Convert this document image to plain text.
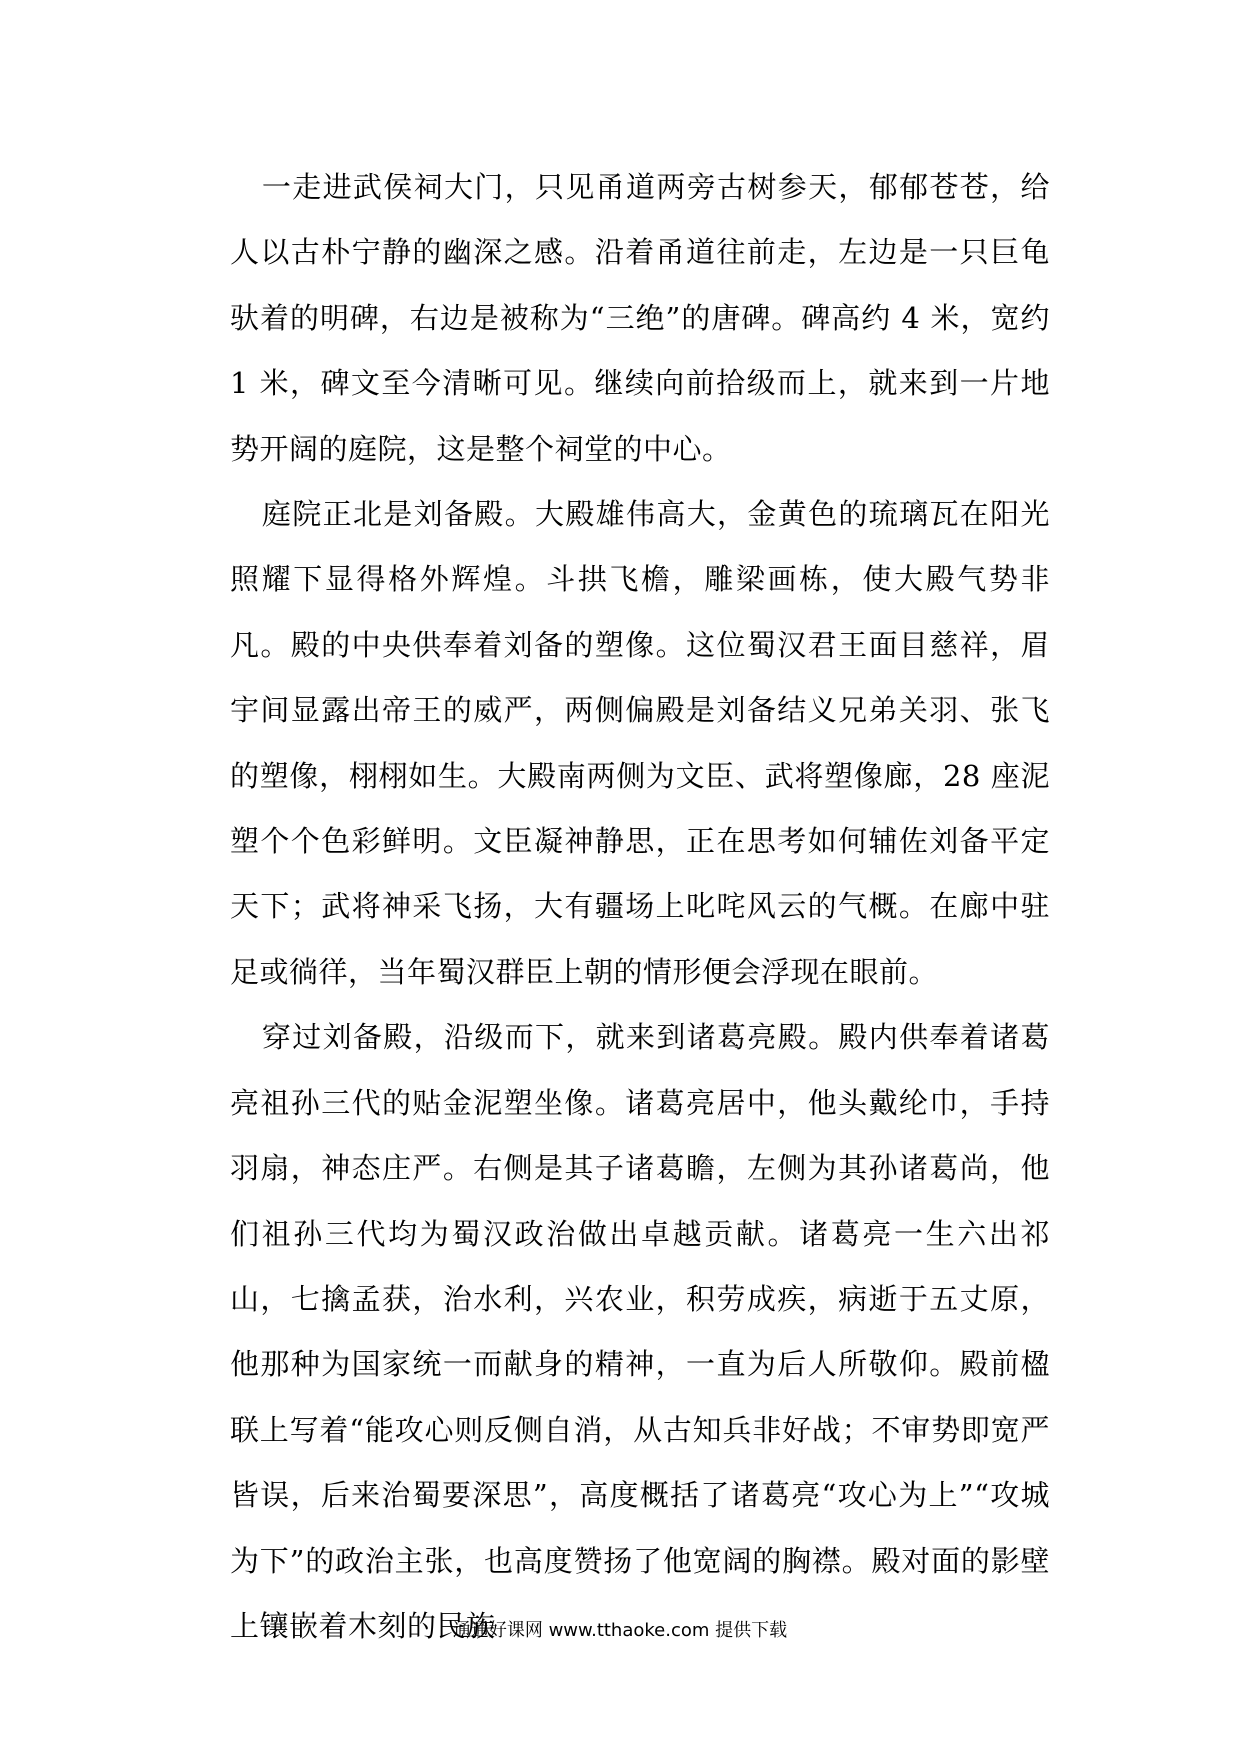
一走进武侯祠大门，只见甬道两旁古树参天，郁郁苍苍，给人以古朴宁静的幽深之感。沿着甬道往前走，左边是一只巨龟驮着的明碑，右边是被称为“三绝”的唐碑。碑高约 4 米，宽约 1 米，碑文至今清晰可见。继续向前拾级而上，就来到一片地势开阔的庭院，这是整个祠堂的中心。

庭院正北是刘备殿。大殿雄伟高大，金黄色的琉璃瓦在阳光照耀下显得格外辉煌。斗拱飞檐，雕梁画栋，使大殿气势非凡。殿的中央供奉着刘备的塑像。这位蜀汉君王面目慈祥，眉宇间显露出帝王的威严，两侧偏殿是刘备结义兄弟关羽、张飞的塑像，栩栩如生。大殿南两侧为文臣、武将塑像廊，28 座泥塑个个色彩鲜明。文臣凝神静思，正在思考如何辅佐刘备平定天下；武将神采飞扬，大有疆场上叱咤风云的气概。在廊中驻足或徜徉，当年蜀汉群臣上朝的情形便会浮现在眼前。

穿过刘备殿，沿级而下，就来到诸葛亮殿。殿内供奉着诸葛亮祖孙三代的贴金泥塑坐像。诸葛亮居中，他头戴纶巾，手持羽扇，神态庄严。右侧是其子诸葛瞻，左侧为其孙诸葛尚，他们祖孙三代均为蜀汉政治做出卓越贡献。诸葛亮一生六出祁山，七擒孟获，治水利，兴农业，积劳成疾，病逝于五丈原，他那种为国家统一而献身的精神，一直为后人所敬仰。殿前楹联上写着“能攻心则反侧自消，从古知兵非好战；不审势即宽严皆误，后来治蜀要深思”，高度概括了诸葛亮“攻心为上”“攻城为下”的政治主张，也高度赞扬了他宽阔的胸襟。殿对面的影壁上镶嵌着木刻的民族

通通好课网 www.tthaoke.com 提供下载
